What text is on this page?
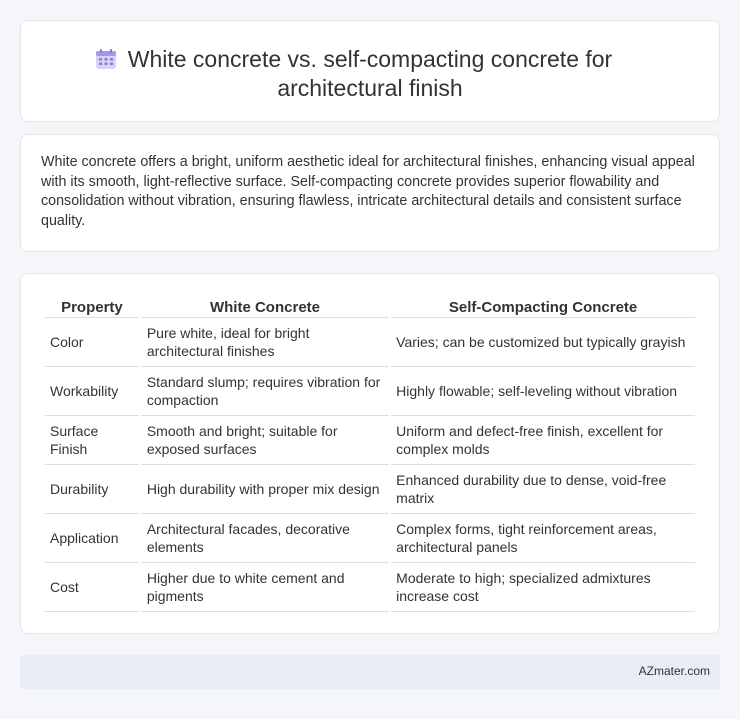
White concrete vs. self-compacting concrete for
architectural finish

White concrete offers a bright, uniform aesthetic ideal for architectural finishes, enhancing visual appeal with its smooth, light-reflective surface. Self-compacting concrete provides superior flowability and consolidation without vibration, ensuring flawless, intricate architectural details and consistent surface quality.

Property	White Concrete	Self-Compacting Concrete
Color	Pure white, ideal for bright architectural finishes	Varies; can be customized but typically grayish
Workability	Standard slump; requires vibration for compaction	Highly flowable; self-leveling without vibration
Surface Finish	Smooth and bright; suitable for exposed surfaces	Uniform and defect-free finish, excellent for complex molds
Durability	High durability with proper mix design	Enhanced durability due to dense, void-free matrix
Application	Architectural facades, decorative elements	Complex forms, tight reinforcement areas, architectural panels
Cost	Higher due to white cement and pigments	Moderate to high; specialized admixtures increase cost
AZmater.com
